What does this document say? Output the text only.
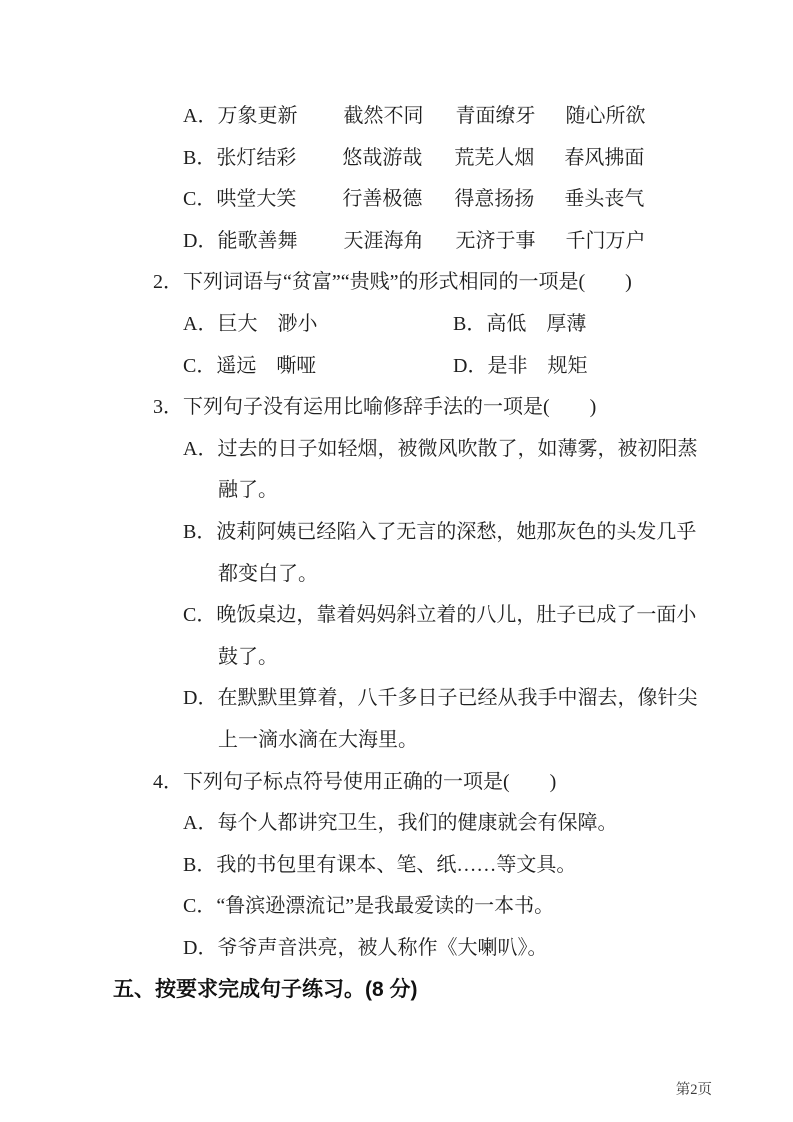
A．万象更新 截然不同 青面缭牙 随心所欲
B．张灯结彩 悠哉游哉 荒芜人烟 春风拂面
C．哄堂大笑 行善极德 得意扬扬 垂头丧气
D．能歌善舞 天涯海角 无济于事 千门万户
2．下列词语与“贫富”“贵贱”的形式相同的一项是(　　)
A．巨大　渺小	B．高低　厚薄
C．遥远　嘶哑	D．是非　规矩
3．下列句子没有运用比喻修辞手法的一项是(　　)
A．过去的日子如轻烟，被微风吹散了，如薄雾，被初阳蒸
融了。
B．波莉阿姨已经陷入了无言的深愁，她那灰色的头发几乎
都变白了。
C．晚饭桌边，靠着妈妈斜立着的八儿，肚子已成了一面小
鼓了。
D．在默默里算着，八千多日子已经从我手中溜去，像针尖
上一滴水滴在大海里。
4．下列句子标点符号使用正确的一项是(　　)
A．每个人都讲究卫生，我们的健康就会有保障。
B．我的书包里有课本、笔、纸……等文具。
C．“鲁滨逊漂流记”是我最爱读的一本书。
D．爷爷声音洪亮，被人称作《大喇叭》。
五、按要求完成句子练习。(8 分)
第2页
